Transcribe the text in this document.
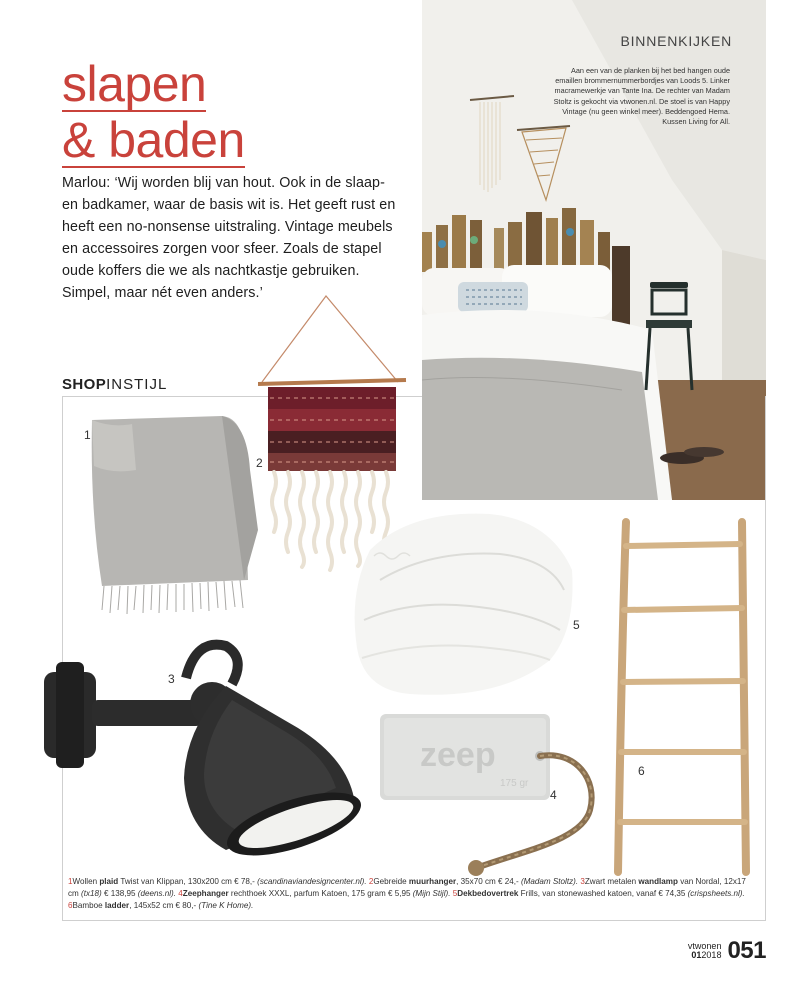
slapen
& baden
Marlou: ‘Wij worden blij van hout. Ook in de slaap- en badkamer, waar de basis wit is. Het geeft rust en heeft een no-nonsense uitstraling. Vintage meubels en accessoires zorgen voor sfeer. Zoals de stapel oude koffers die we als nachtkastje gebruiken. Simpel, maar nét even anders.’
BINNENKIJKEN
Aan een van de planken bij het bed hangen oude emaillen brommernummerbordjes van Loods 5. Linker macramewerkje van Tante Ina. De rechter van Madam Stoltz is gekocht via vtwonen.nl. De stoel is van Happy Vintage (nu geen winkel meer). Beddengoed Hema. Kussen Living for All.
SHOPINSTIJL
zeep
175 gr
1
2
3
4
5
6
1Wollen plaid Twist van Klippan, 130x200 cm € 78,- (scandinaviandesigncenter.nl). 2Gebreide muurhanger, 35x70 cm € 24,- (Madam Stoltz). 3Zwart metalen wandlamp van Nordal, 12x17 cm (tx18) € 138,95 (deens.nl). 4Zeephanger rechthoek XXXL, parfum Katoen, 175 gram € 5,95 (Mijn Stijl). 5Dekbedovertrek Frills, van stonewashed katoen, vanaf € 74,35 (crispsheets.nl). 6Bamboe ladder, 145x52 cm € 80,- (Tine K Home).
vtwonen
012018 051
